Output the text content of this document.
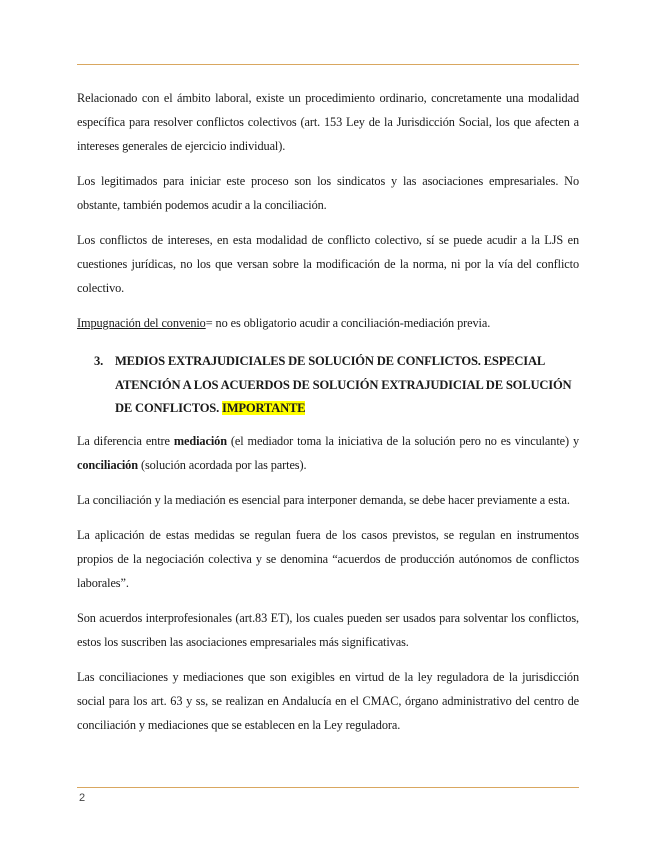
Relacionado con el ámbito laboral, existe un procedimiento ordinario, concretamente una modalidad específica para resolver conflictos colectivos (art. 153 Ley de la Jurisdicción Social, los que afecten a intereses generales de ejercicio individual).

Los legitimados para iniciar este proceso son los sindicatos y las asociaciones empresariales. No obstante, también podemos acudir a la conciliación.

Los conflictos de intereses, en esta modalidad de conflicto colectivo, sí se puede acudir a la LJS en cuestiones jurídicas, no los que versan sobre la modificación de la norma, ni por la vía del conflicto colectivo.

Impugnación del convenio= no es obligatorio acudir a conciliación-mediación previa.

3. MEDIOS EXTRAJUDICIALES DE SOLUCIÓN DE CONFLICTOS. ESPECIAL ATENCIÓN A LOS ACUERDOS DE SOLUCIÓN EXTRAJUDICIAL DE SOLUCIÓN DE CONFLICTOS. IMPORTANTE

La diferencia entre mediación (el mediador toma la iniciativa de la solución pero no es vinculante) y conciliación (solución acordada por las partes).

La conciliación y la mediación es esencial para interponer demanda, se debe hacer previamente a esta.

La aplicación de estas medidas se regulan fuera de los casos previstos, se regulan en instrumentos propios de la negociación colectiva y se denomina “acuerdos de producción autónomos de conflictos laborales”.

Son acuerdos interprofesionales (art.83 ET), los cuales pueden ser usados para solventar los conflictos, estos los suscriben las asociaciones empresariales más significativas.

Las conciliaciones y mediaciones que son exigibles en virtud de la ley reguladora de la jurisdicción social para los art. 63 y ss, se realizan en Andalucía en el CMAC, órgano administrativo del centro de conciliación y mediaciones que se establecen en la Ley reguladora.

2
